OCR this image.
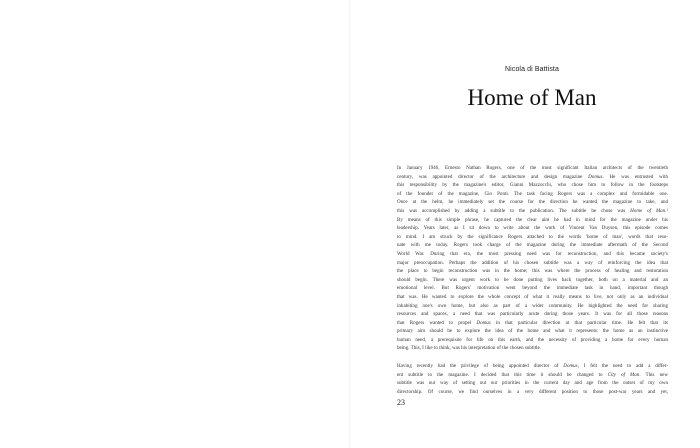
Nicola di Battista
Home of Man

In January 1946, Ernesto Nathan Rogers, one of the most significant Italian architects of the twentieth

century, was appointed director of the architecture and design magazine Domus. He was entrusted with

this responsibility by the magazine's editor, Gianni Mazzocchi, who chose him to follow in the footsteps

of the founder of the magazine, Gio Ponti. The task facing Rogers was a complex and formidable one.

Once at the helm, he immediately set the course for the direction he wanted the magazine to take, and

this was accomplished by adding a subtitle to the publication. The subtitle he chose was Home of Man.¹

By means of this simple phrase, he captured the clear aim he had in mind for the magazine under his

leadership. Years later, as I sit down to write about the work of Vincent Van Duysen, this episode comes

to mind. I am struck by the significance Rogers attached to the words 'home of man', words that reso-

nate with me today. Rogers took charge of the magazine during the immediate aftermath of the Second

World War. During that era, the most pressing need was for reconstruction, and this became society's

major preoccupation. Perhaps the addition of his chosen subtitle was a way of reinforcing the idea that

the place to begin reconstruction was in the home; this was where the process of healing and restoration

should begin. There was urgent work to be done putting lives back together, both on a material and an

emotional level. But Rogers' motivation went beyond the immediate task in hand, important though

that was. He wanted to explore the whole concept of what it really means to live, not only as an individual

inhabiting one's own home, but also as part of a wider community. He highlighted the need for sharing

resources and spaces, a need that was particularly acute during those years. It was for all those reasons

that Rogers wanted to propel Domus in that particular direction at that particular time. He felt that its

primary aim should be to explore the idea of the home and what it represents: the home as an instinctive

human need, a prerequisite for life on this earth, and the necessity of providing a home for every human

being. This, I like to think, was his interpretation of the chosen subtitle.

Having recently had the privilege of being appointed director of Domus, I felt the need to add a differ-

ent subtitle to the magazine. I decided that this time it should be changed to City of Man. This new

subtitle was our way of setting out our priorities in the current day and age from the outset of my own

directorship. Of course, we find ourselves in a very different position to those post-war years and yet,

23
